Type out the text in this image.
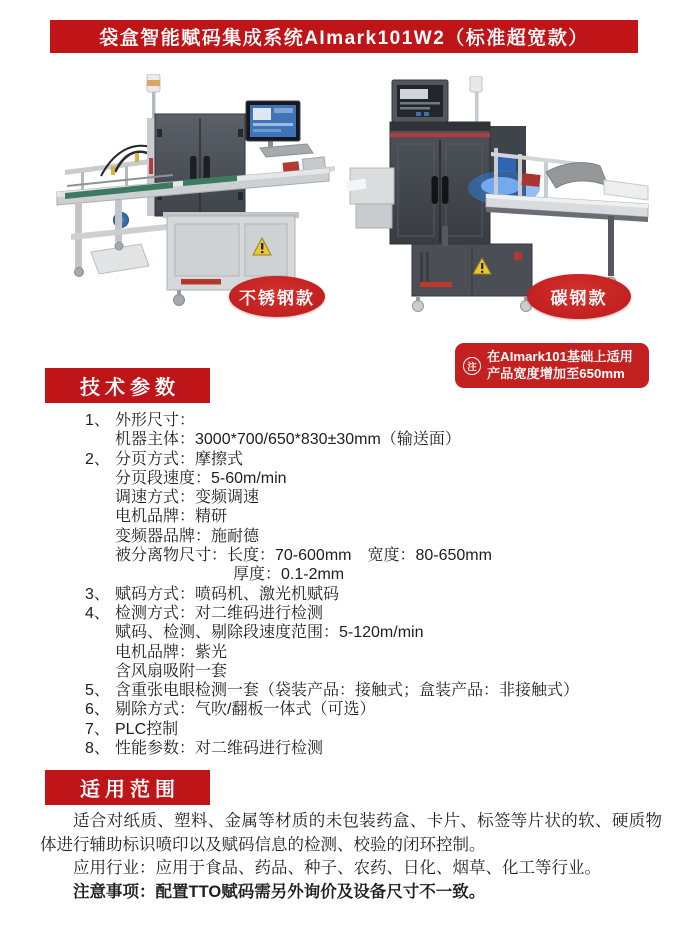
袋盒智能赋码集成系统AImark101W2（标准超宽款）
不锈钢款	碳钢款
注
在AImark101基础上适用
产品宽度增加至650mm
技术参数
1、 外形尺寸：
机器主体：3000*700/650*830±30mm（输送面）
2、 分页方式：摩擦式
分页段速度：5-60m/min
调速方式：变频调速
电机品牌：精研
变频器品牌：施耐德
被分离物尺寸：长度：70-600mm　宽度：80-650mm
厚度：0.1-2mm
3、 赋码方式：喷码机、激光机赋码
4、 检测方式：对二维码进行检测
赋码、检测、剔除段速度范围：5-120m/min
电机品牌：紫光
含风扇吸附一套
5、 含重张电眼检测一套（袋装产品：接触式；盒装产品：非接触式）
6、 剔除方式：气吹/翻板一体式（可选）
7、 PLC控制
8、 性能参数：对二维码进行检测
适用范围

适合对纸质、塑料、金属等材质的未包装药盒、卡片、标签等片状的软、硬质物体进行辅助标识喷印以及赋码信息的检测、校验的闭环控制。

应用行业：应用于食品、药品、种子、农药、日化、烟草、化工等行业。

注意事项：配置TTO赋码需另外询价及设备尺寸不一致。
